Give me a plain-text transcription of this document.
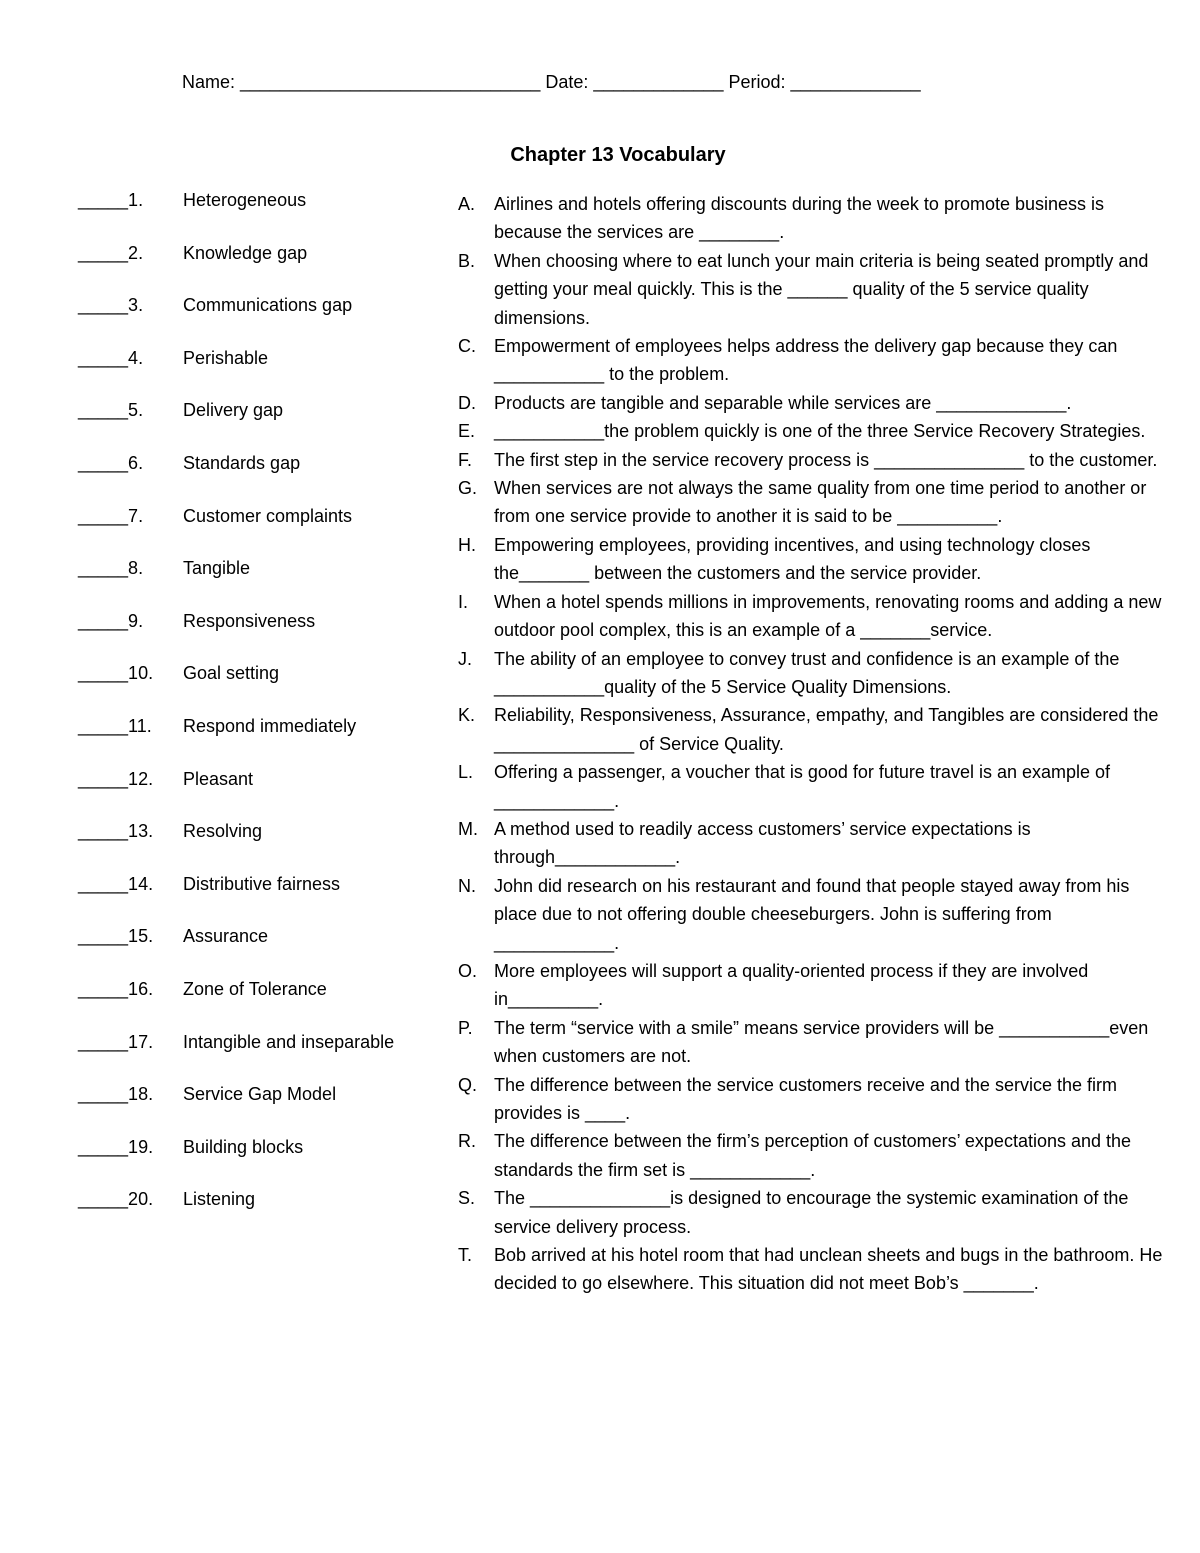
Name: ______________________________ Date: _____________ Period: _____________
Chapter 13 Vocabulary
_____1. Heterogeneous
_____2. Knowledge gap
_____3. Communications gap
_____4. Perishable
_____5. Delivery gap
_____6. Standards gap
_____7. Customer complaints
_____8. Tangible
_____9. Responsiveness
_____10. Goal setting
_____11. Respond immediately
_____12. Pleasant
_____13. Resolving
_____14. Distributive fairness
_____15. Assurance
_____16. Zone of Tolerance
_____17. Intangible and inseparable
_____18. Service Gap Model
_____19. Building blocks
_____20. Listening
A. Airlines and hotels offering discounts during the week to promote business is because the services are ________.
B. When choosing where to eat lunch your main criteria is being seated promptly and getting your meal quickly. This is the ______ quality of the 5 service quality dimensions.
C. Empowerment of employees helps address the delivery gap because they can ___________ to the problem.
D. Products are tangible and separable while services are _____________.
E. ___________the problem quickly is one of the three Service Recovery Strategies.
F. The first step in the service recovery process is _______________ to the customer.
G. When services are not always the same quality from one time period to another or from one service provide to another it is said to be __________.
H. Empowering employees, providing incentives, and using technology closes the_______ between the customers and the service provider.
I. When a hotel spends millions in improvements, renovating rooms and adding a new outdoor pool complex, this is an example of a _______service.
J. The ability of an employee to convey trust and confidence is an example of the ___________quality of the 5 Service Quality Dimensions.
K. Reliability, Responsiveness, Assurance, empathy, and Tangibles are considered the ______________ of Service Quality.
L. Offering a passenger, a voucher that is good for future travel is an example of ____________.
M. A method used to readily access customers’ service expectations is through____________.
N. John did research on his restaurant and found that people stayed away from his place due to not offering double cheeseburgers. John is suffering from ____________.
O. More employees will support a quality-oriented process if they are involved in_________.
P. The term “service with a smile” means service providers will be ___________even when customers are not.
Q. The difference between the service customers receive and the service the firm provides is ____.
R. The difference between the firm’s perception of customers’ expectations and the standards the firm set is ____________.
S. The ______________is designed to encourage the systemic examination of the service delivery process.
T. Bob arrived at his hotel room that had unclean sheets and bugs in the bathroom. He decided to go elsewhere. This situation did not meet Bob’s _______.
